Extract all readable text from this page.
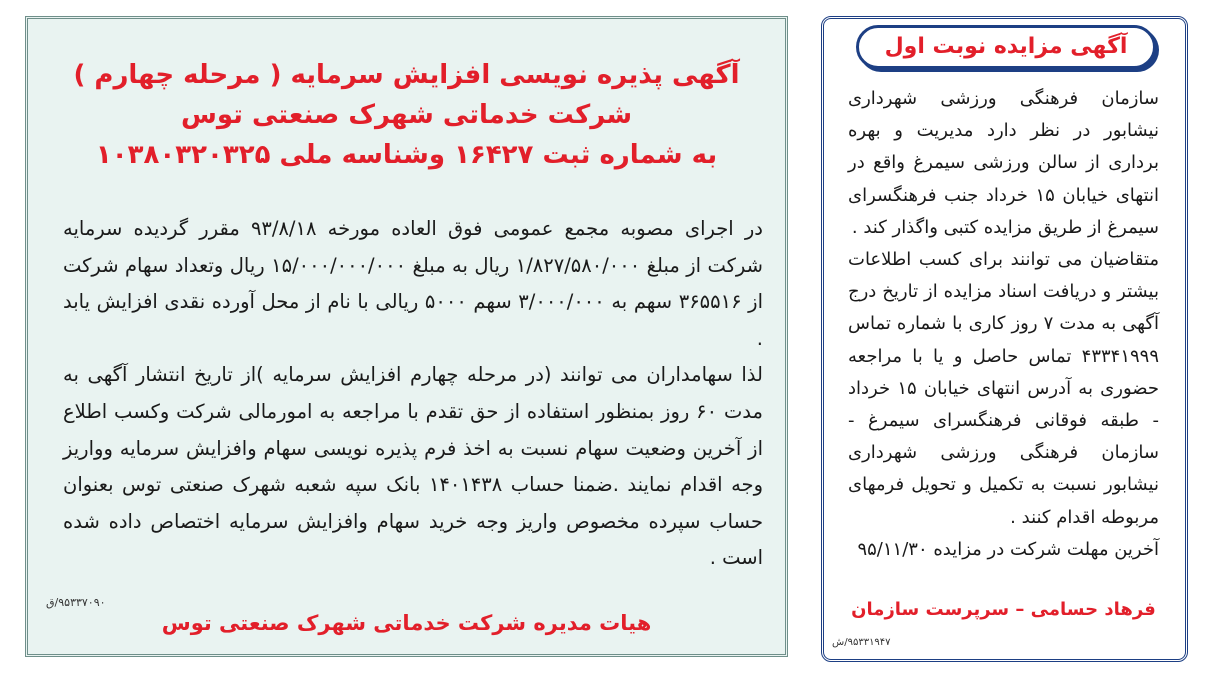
آگهی پذیره نویسی افزایش سرمایه ( مرحله چهارم )
شرکت خدماتی شهرک صنعتی توس
به شماره ثبت ۱۶۴۲۷ وشناسه ملی ۱۰۳۸۰۳۲۰۳۲۵

در اجرای مصوبه مجمع عمومی فوق العاده مورخه ۹۳/۸/۱۸ مقرر گردیده سرمایه شرکت از مبلغ ۱/۸۲۷/۵۸۰/۰۰۰ ریال به مبلغ ۱۵/۰۰۰/۰۰۰/۰۰۰ ریال وتعداد سهام شرکت از ۳۶۵۵۱۶ سهم به ۳/۰۰۰/۰۰۰ سهم ۵۰۰۰ ریالی با نام از محل آورده نقدی افزایش یابد .

لذا سهامداران می توانند (در مرحله چهارم افزایش سرمایه )از تاریخ انتشار آگهی به مدت ۶۰ روز بمنظور استفاده از حق تقدم با مراجعه به امورمالی شرکت وکسب اطلاع از آخرین وضعیت سهام نسبت به اخذ فرم پذیره نویسی سهام وافزایش سرمایه وواریز وجه اقدام نمایند .ضمنا حساب ۱۴۰۱۴۳۸ بانک سپه شعبه شهرک صنعتی توس بعنوان حساب سپرده مخصوص واریز وجه خرید سهام وافزایش سرمایه اختصاص داده شده است .

۹۵۳۳۷۰۹۰/ق
هیات مدیره شرکت خدماتی شهرک صنعتی توس
آگهی مزایده نوبت اول

سازمان فرهنگی ورزشی شهرداری نیشابور در نظر دارد مدیریت و بهره برداری از سالن ورزشی سیمرغ واقع در انتهای خیابان ۱۵ خرداد جنب فرهنگسرای سیمرغ از طریق مزایده کتبی واگذار کند .

متقاضیان می توانند برای کسب اطلاعات بیشتر و دریافت اسناد مزایده از تاریخ درج آگهی به مدت ۷ روز کاری با شماره تماس ۴۳۳۴۱۹۹۹ تماس حاصل و یا با مراجعه حضوری به آدرس انتهای خیابان ۱۵ خرداد - طبقه فوقانی فرهنگسرای سیمرغ - سازمان فرهنگی ورزشی شهرداری نیشابور نسبت به تکمیل و تحویل فرمهای مربوطه اقدام کنند .

آخرین مهلت شرکت در مزایده ۹۵/۱۱/۳۰

فرهاد حسامی – سرپرست سازمان
۹۵۳۳۱۹۴۷/ش
